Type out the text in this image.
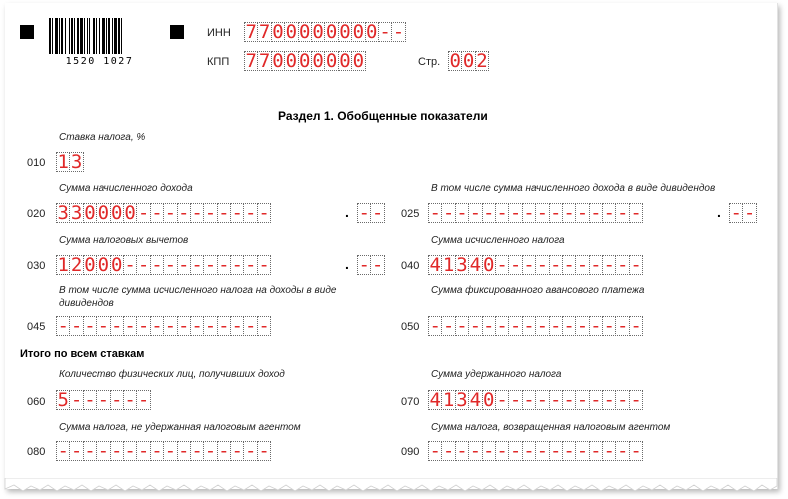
1520 1027
ИНН 7 7 0 0 0 0 0 0 0 0 - -
КПП 7 7 0 0 0 0 0 0 0	Стр. 0 0 2
Раздел 1. Обобщенные показатели
Ставка налога, %
010 1 3
Сумма начисленного дохода
020 3 3 0 0 0 0 - - - - - - - - - -	. - -
В том числе сумма начисленного дохода в виде дивидендов
025 - - - - - - - - - - - - - - - -	. - -
Сумма налоговых вычетов
030 1 2 0 0 0 - - - - - - - - - - -	. - -
Сумма исчисленного налога
040 4 1 3 4 0 - - - - - - - - - - -
В том числе сумма исчисленного налога на доходы в виде
дивидендов
045 - - - - - - - - - - - - - - - -
Сумма фиксированного авансового платежа
050 - - - - - - - - - - - - - - - -
Итого по всем ставкам
Количество физических лиц, получивших доход
060 5 - - - - - -
Сумма удержанного налога
070 4 1 3 4 0 - - - - - - - - - - -
Сумма налога, не удержанная налоговым агентом
080 - - - - - - - - - - - - - - - -
Сумма налога, возвращенная налоговым агентом
090 - - - - - - - - - - - - - - - -
